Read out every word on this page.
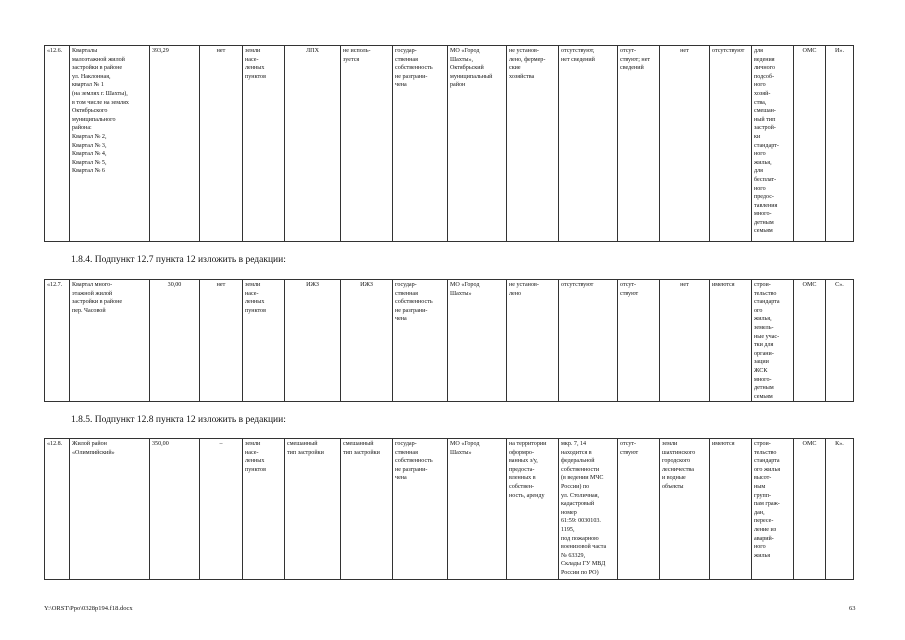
«12.6.	Кварталы
малоэтажной жилой
застройки в районе
ул. Наклонная,
квартал № 1
(на землях г. Шахты),
в том числе на землях
Октябрьского
муниципального
района:
Квартал № 2,
Квартал № 3,
Квартал № 4,
Квартал № 5,
Квартал № 6	393,29	нет	земли
насе-
ленных
пунктов	ЛПХ	не исполь-
зуется	государ-
ственная
собственность
не разграни-
чена	МО «Город
Шахты»,
Октябрьский
муниципальный
район	не установ-
лено, фермер-
ские
хозяйства	отсутствуют,
нет сведений	отсут-
ствуют; нет
сведений	нет	отсутствуют	для
ведения
личного
подсоб-
ного
хозяй-
ства,
смешан-
ный тип
застрой-
ки
стандарт-
ного
жилья,
для
бесплат-
ного
предос-
тавления
много-
детным
семьям	ОМС	И».
1.8.4. Подпункт 12.7 пункта 12 изложить в редакции:
«12.7.	Квартал много-
этажной жилой
застройки в районе
пер. Часовой	30,00	нет	земли
насе-
ленных
пунктов	ИЖЗ	ИЖЗ	государ-
ственная
собственность
не разграни-
чена	МО «Город
Шахты»	не установ-
лено	отсутствуют	отсут-
ствуют	нет	имеются	строи-
тельство
стандарта
ого
жилья,
земель-
ные учас-
тки для
органи-
зации
ЖСК
много-
детным
семьям	ОМС	С».
1.8.5. Подпункт 12.8 пункта 12 изложить в редакции:
«12.8.	Жилой район
«Олимпийский»	350,00	–	земли
насе-
ленных
пунктов	смешанный
тип застройки	смешанный
тип застройки	государ-
ственная
собственность
не разграни-
чена	МО «Город
Шахты»	на территории
оформро-
ванных з/у,
предоста-
вленных в
собствен-
ность, аренду	мкр. 7, 14
находится в
федеральной
собственности
(в ведении МЧС
России) по
ул. Столичная,
кадастровый
номер
61:59: 0030103.
1195,
под пожарною
военизовой часта
№ 63329,
Склады ГУ МВД
России по РО)	отсут-
ствуют	земли
шахтинского
городского
лесничества
и водные
объекты	имеются	строи-
тельство
стандарта
ого жилья
высот-
ным
групп-
пам граж-
дан,
пересе-
ление из
аварий-
ного
жилья	ОМС	К».
Y:\ORST\Ppo\0328p194.f18.docx	63
